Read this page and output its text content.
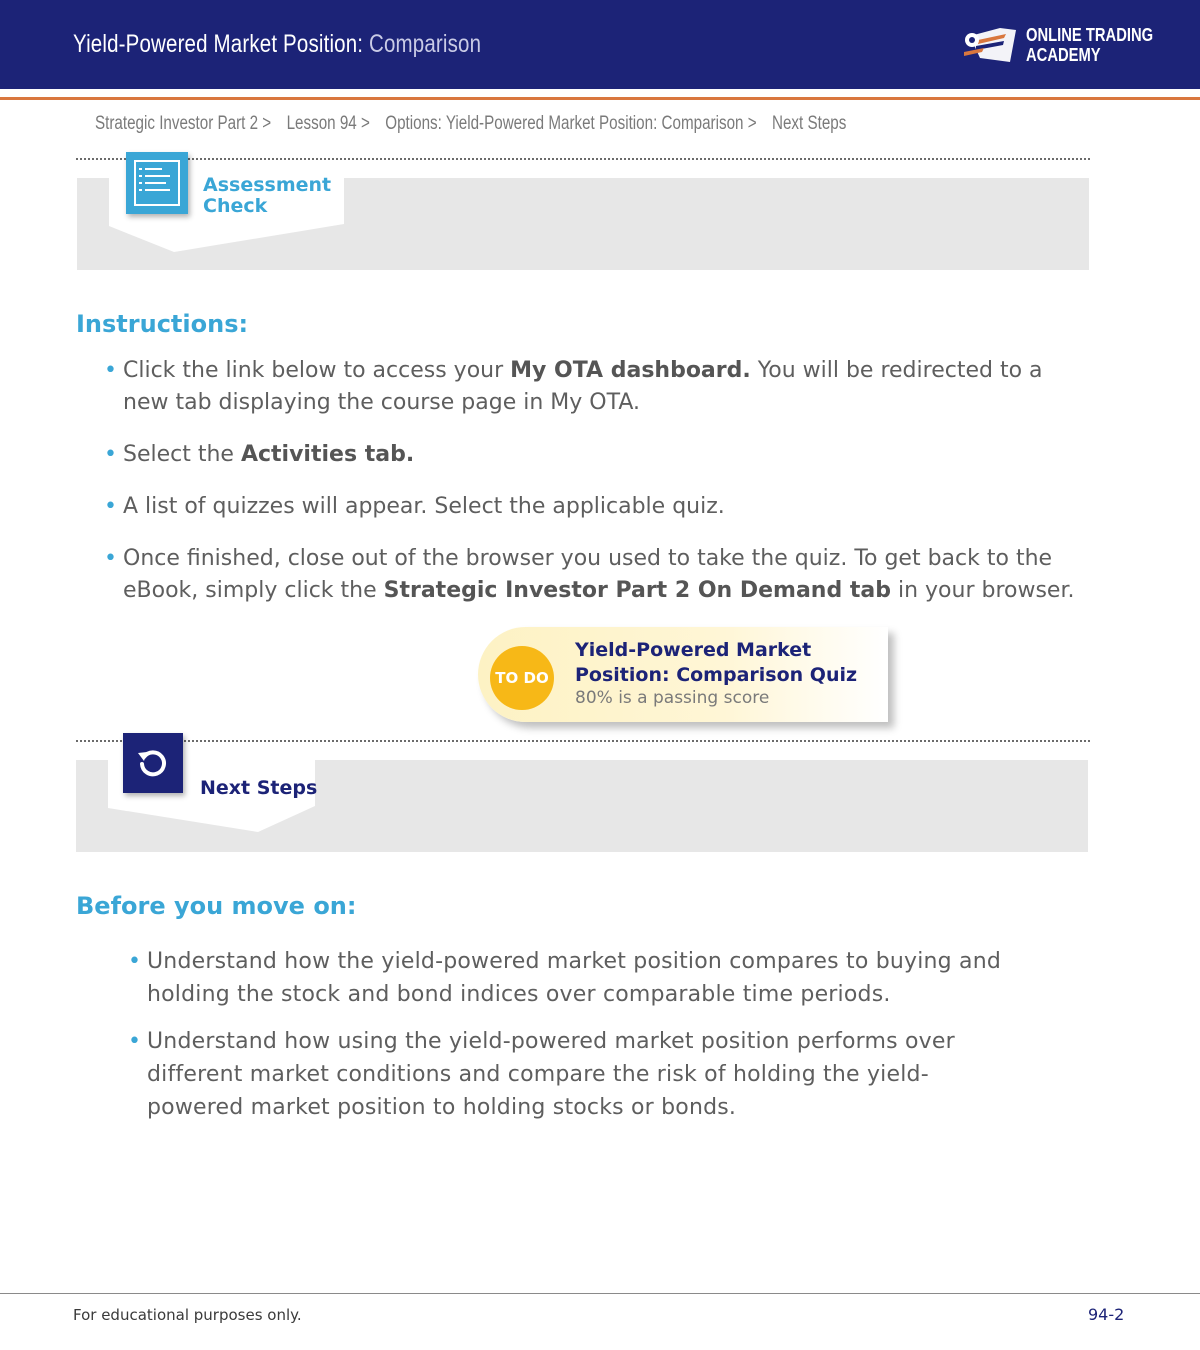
Yield-Powered Market Position: Comparison	ONLINE TRADING
ACADEMY
Strategic Investor Part 2 > Lesson 94 > Options: Yield-Powered Market Position: Comparison > Next Steps
Assessment
Check
Instructions:
• Click the link below to access your My OTA dashboard. You will be redirected to a new tab displaying the course page in My OTA.
• Select the Activities tab.
• A list of quizzes will appear. Select the applicable quiz.
• Once finished, close out of the browser you used to take the quiz. To get back to the eBook, simply click the Strategic Investor Part 2 On Demand tab in your browser.
TO DO
Yield-Powered Market Position: Comparison Quiz
80% is a passing score
Next Steps
Before you move on:
• Understand how the yield-powered market position compares to buying and holding the stock and bond indices over comparable time periods.
• Understand how using the yield-powered market position performs over different market conditions and compare the risk of holding the yield-powered market position to holding stocks or bonds.
For educational purposes only.	94-2
